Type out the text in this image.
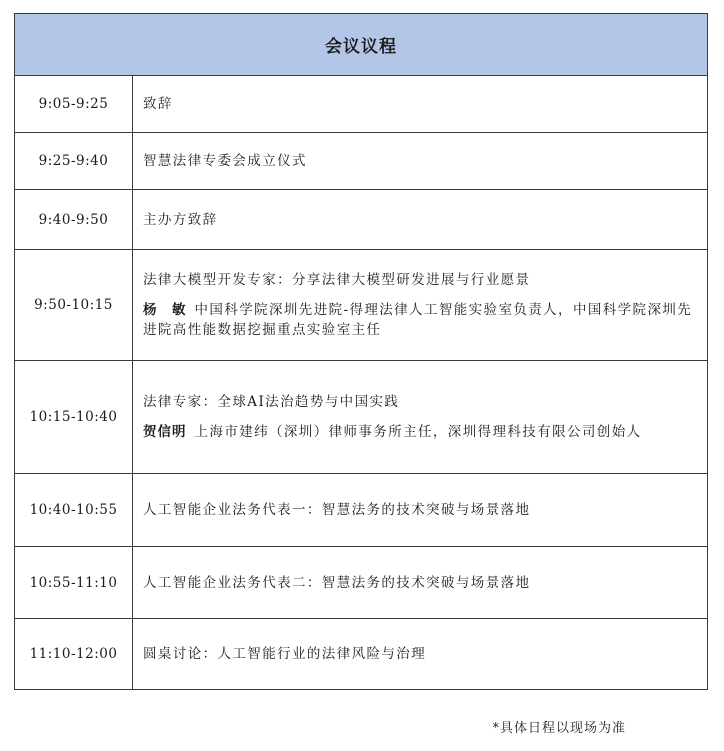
会议议程	
9:05-9:25	致辞

9:25-9:40	智慧法律专委会成立仪式

9:40-9:50	主办方致辞

9:50-10:15	法律大模型开发专家：分享法律大模型研发进展与行业愿景
杨　敏 中国科学院深圳先进院-得理法律人工智能实验室负责人，中国科学院深圳先进院高性能数据挖掘重点实验室主任

10:15-10:40	法律专家：全球AI法治趋势与中国实践
贺信明 上海市建纬（深圳）律师事务所主任，深圳得理科技有限公司创始人

10:40-10:55	人工智能企业法务代表一：智慧法务的技术突破与场景落地

10:55-11:10	人工智能企业法务代表二：智慧法务的技术突破与场景落地

11:10-12:00	圆桌讨论：人工智能行业的法律风险与治理
*具体日程以现场为准
